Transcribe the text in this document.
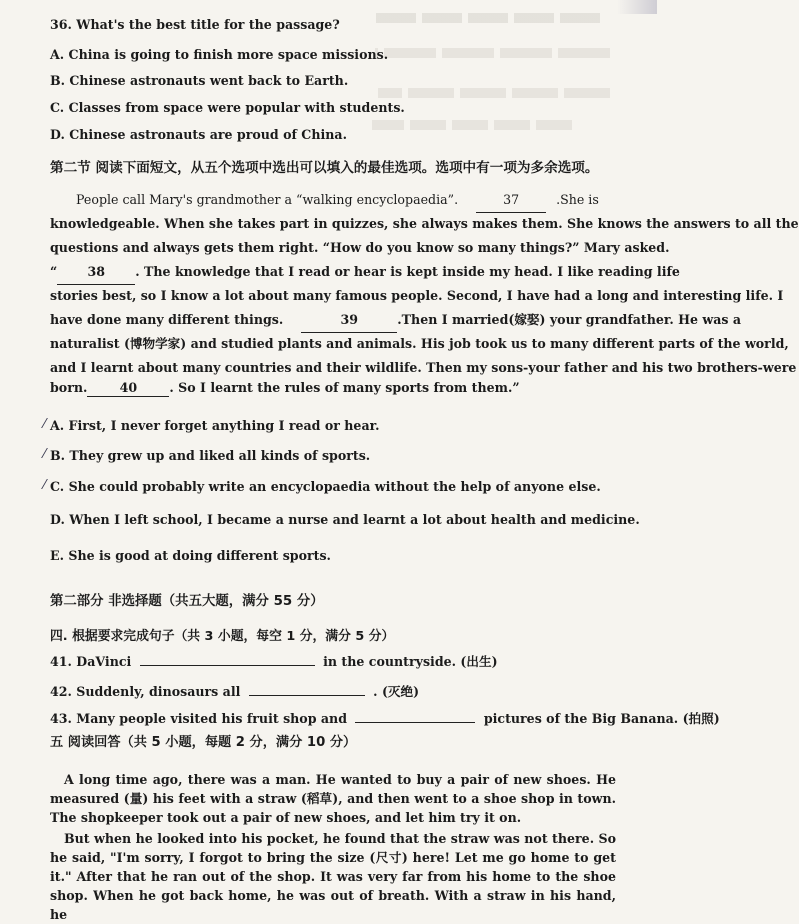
36. What's the best title for the passage?
A. China is going to finish more space missions.
B. Chinese astronauts went back to Earth.
C. Classes from space were popular with students.
D. Chinese astronauts are proud of China.
第二节 阅读下面短文，从五个选项中选出可以填入的最佳选项。选项中有一项为多余选项。
People call Mary's grandmother a “walking encyclopaedia”.	37	.She is
knowledgeable. When she takes part in quizzes, she always makes them. She knows the answers to all the
questions and always gets them right. “How do you know so many things?” Mary asked.
“ 38 . The knowledge that I read or hear is kept inside my head. I like reading life
stories best, so I know a lot about many famous people. Second, I have had a long and interesting life. I
have done many different things.	39	.Then I married(嫁娶) your grandfather. He was a
naturalist (博物学家) and studied plants and animals. His job took us to many different parts of the world,
and I learnt about many countries and their wildlife. Then my sons-your father and his two brothers-were
born.	40	. So I learnt the rules of many sports from them.”
A. First, I never forget anything I read or hear.
B. They grew up and liked all kinds of sports.
C. She could probably write an encyclopaedia without the help of anyone else.
D. When I left school, I became a nurse and learnt a lot about health and medicine.
E. She is good at doing different sports.
第二部分 非选择题（共五大题，满分 55 分）
四. 根据要求完成句子（共 3 小题，每空 1 分，满分 5 分）
41. DaVinci	in the countryside. (出生)
42. Suddenly, dinosaurs all	. (灭绝)
43. Many people visited his fruit shop and	pictures of the Big Banana. (拍照)
五 阅读回答（共 5 小题，每题 2 分，满分 10 分）
A long time ago, there was a man. He wanted to buy a pair of new shoes. He measured (量) his feet with a straw (稻草), and then went to a shoe shop in town. The shopkeeper took out a pair of new shoes, and let him try it on.
But when he looked into his pocket, he found that the straw was not there. So he said, "I'm sorry, I forgot to bring the size (尺寸) here! Let me go home to get it." After that he ran out of the shop. It was very far from his home to the shoe shop. When he got back home, he was out of breath. With a straw in his hand, he
